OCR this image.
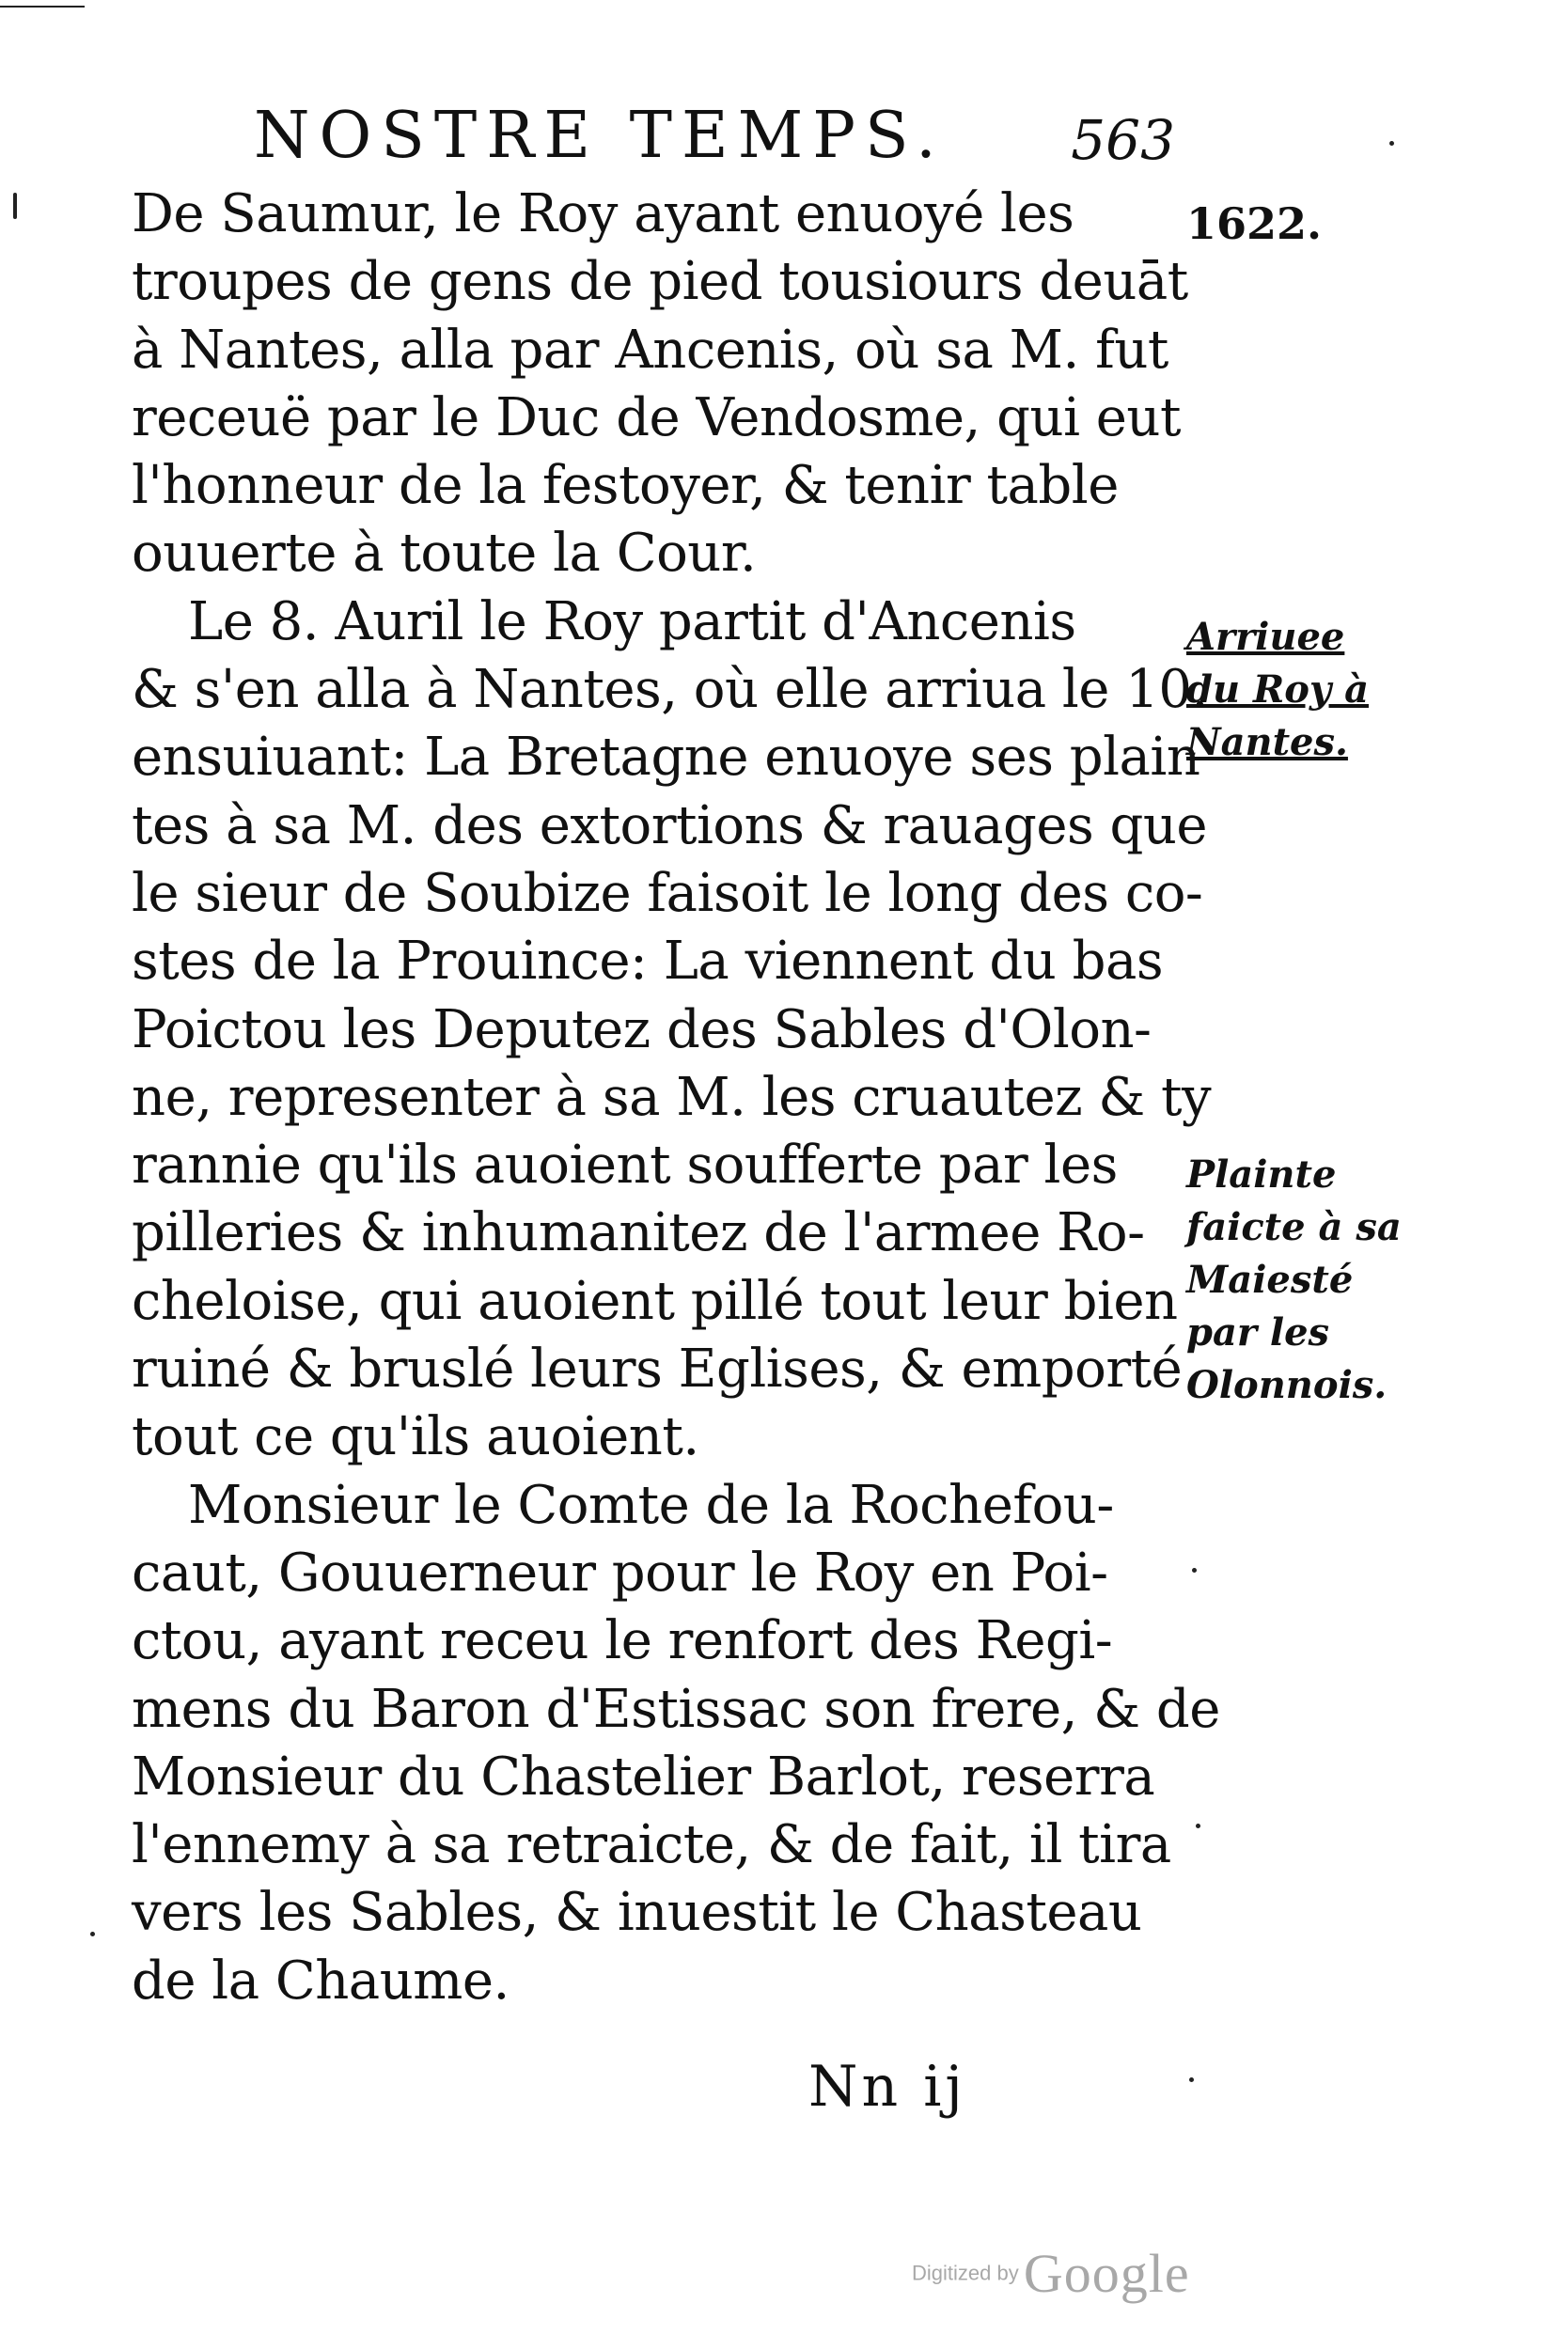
NOSTRE TEMPS. 563
1622.
Arriuee
du Roy à
Nantes.
Plainte
faicte à sa
Maiesté
par les
Olonnois.
De Saumur, le Roy ayant enuoyé les
troupes de gens de pied tousiours deuāt
à Nantes, alla par Ancenis, où sa M. fut
receuë par le Duc de Vendosme, qui eut
l'honneur de la festoyer, & tenir table
ouuerte à toute la Cour.
Le 8. Auril le Roy partit d'Ancenis
& s'en alla à Nantes, où elle arriua le 10.
ensuiuant: La Bretagne enuoye ses plain
tes à sa M. des extortions & rauages que
le sieur de Soubize faisoit le long des co-
stes de la Prouince: La viennent du bas
Poictou les Deputez des Sables d'Olon-
ne, representer à sa M. les cruautez & ty
rannie qu'ils auoient soufferte par les
pilleries & inhumanitez de l'armee Ro-
cheloise, qui auoient pillé tout leur bien
ruiné & bruslé leurs Eglises, & emporté
tout ce qu'ils auoient.
Monsieur le Comte de la Rochefou-
caut, Gouuerneur pour le Roy en Poi-
ctou, ayant receu le renfort des Regi-
mens du Baron d'Estissac son frere, & de
Monsieur du Chastelier Barlot, reserra
l'ennemy à sa retraicte, & de fait, il tira
vers les Sables, & inuestit le Chasteau
de la Chaume.
Nn ij
Digitized by Google
